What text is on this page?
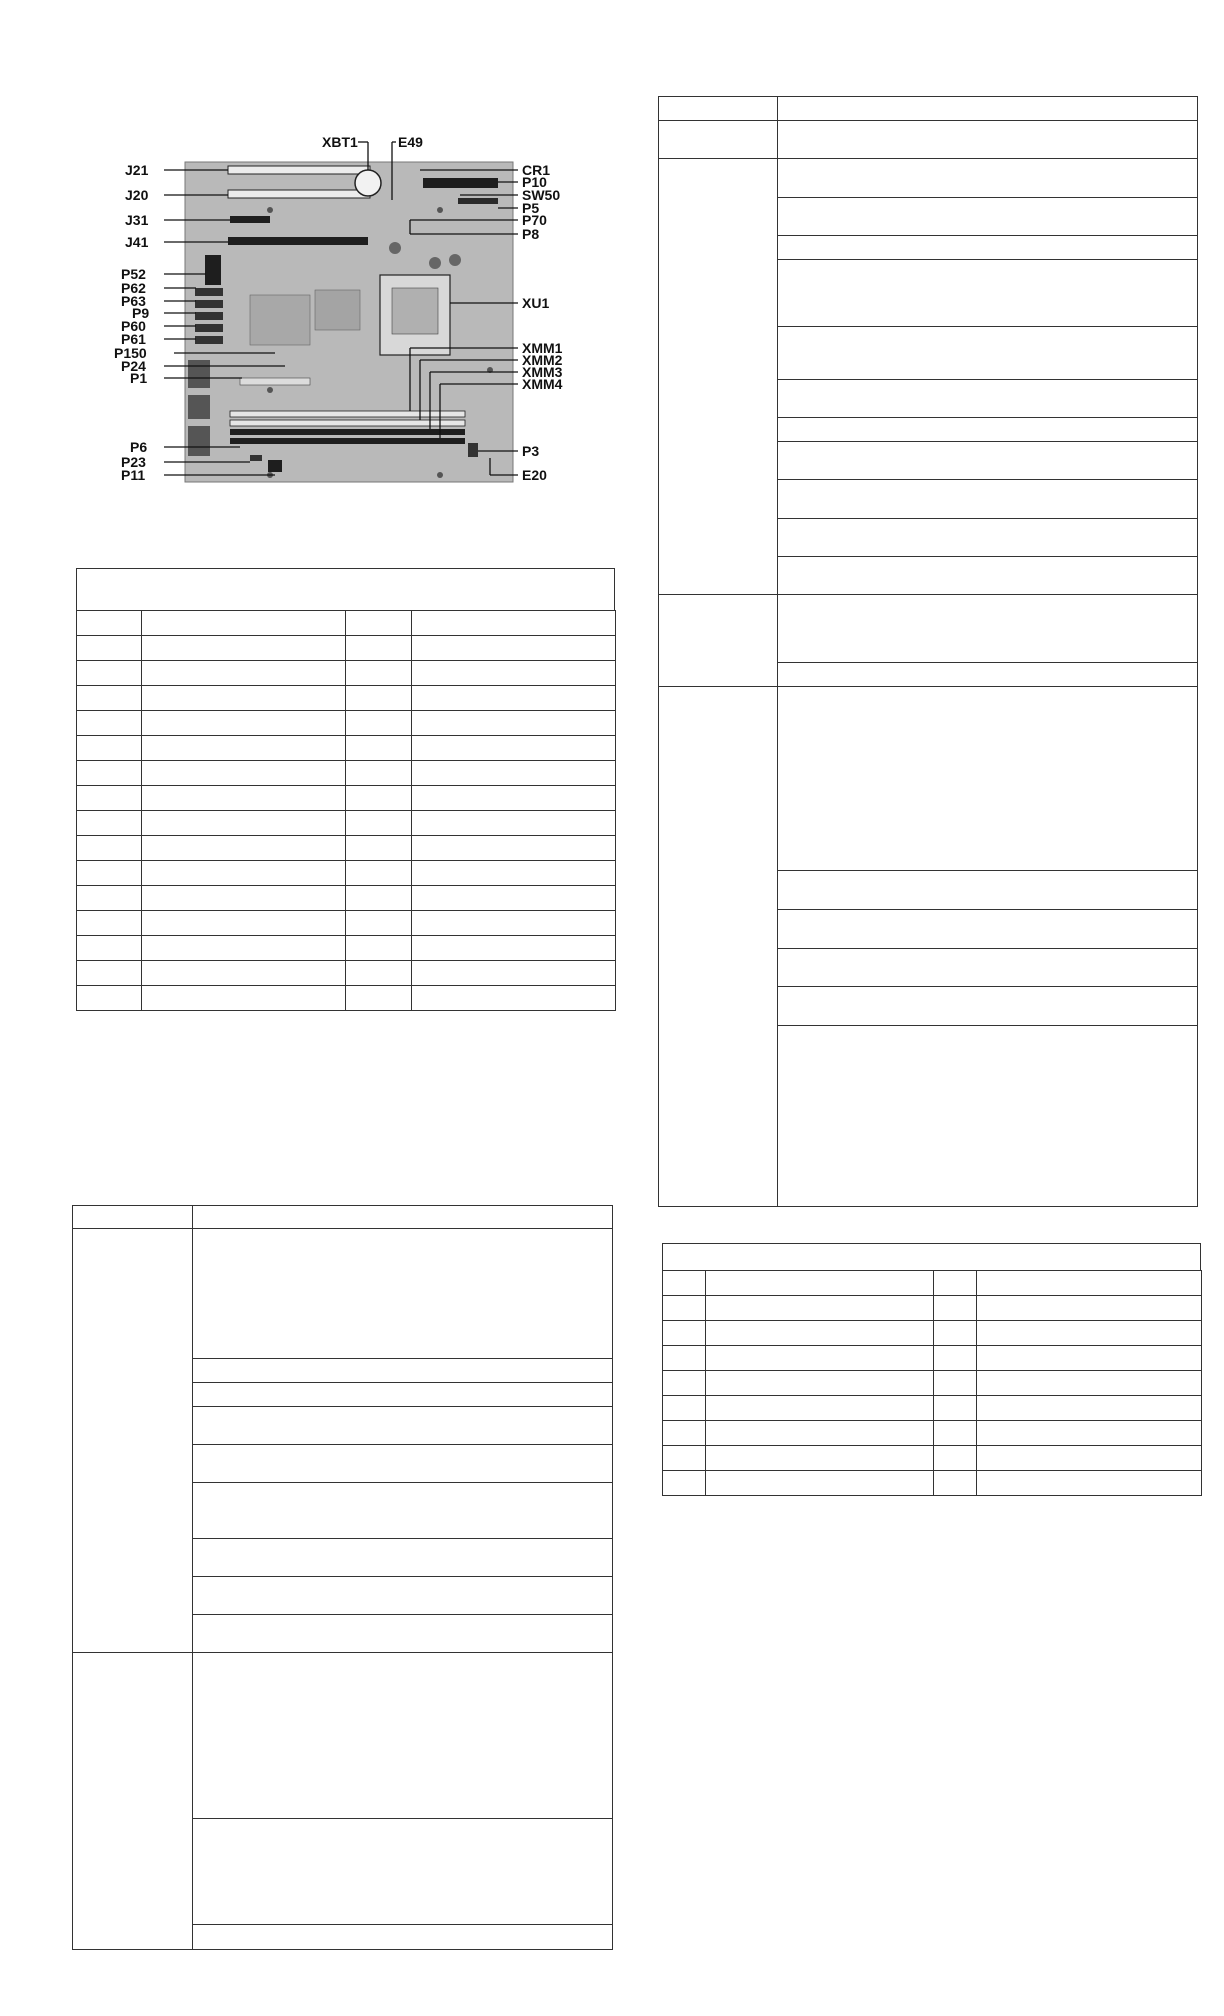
J21
J20
J31
J41
P52
P62
P63
P9
P60
P61
P150
P24
P1
P6
P23
P11
XBT1	E49
CR1
P10
SW50
P5
P70
P8
XU1
XMM1
XMM2
XMM3
XMM4
P3
E20
